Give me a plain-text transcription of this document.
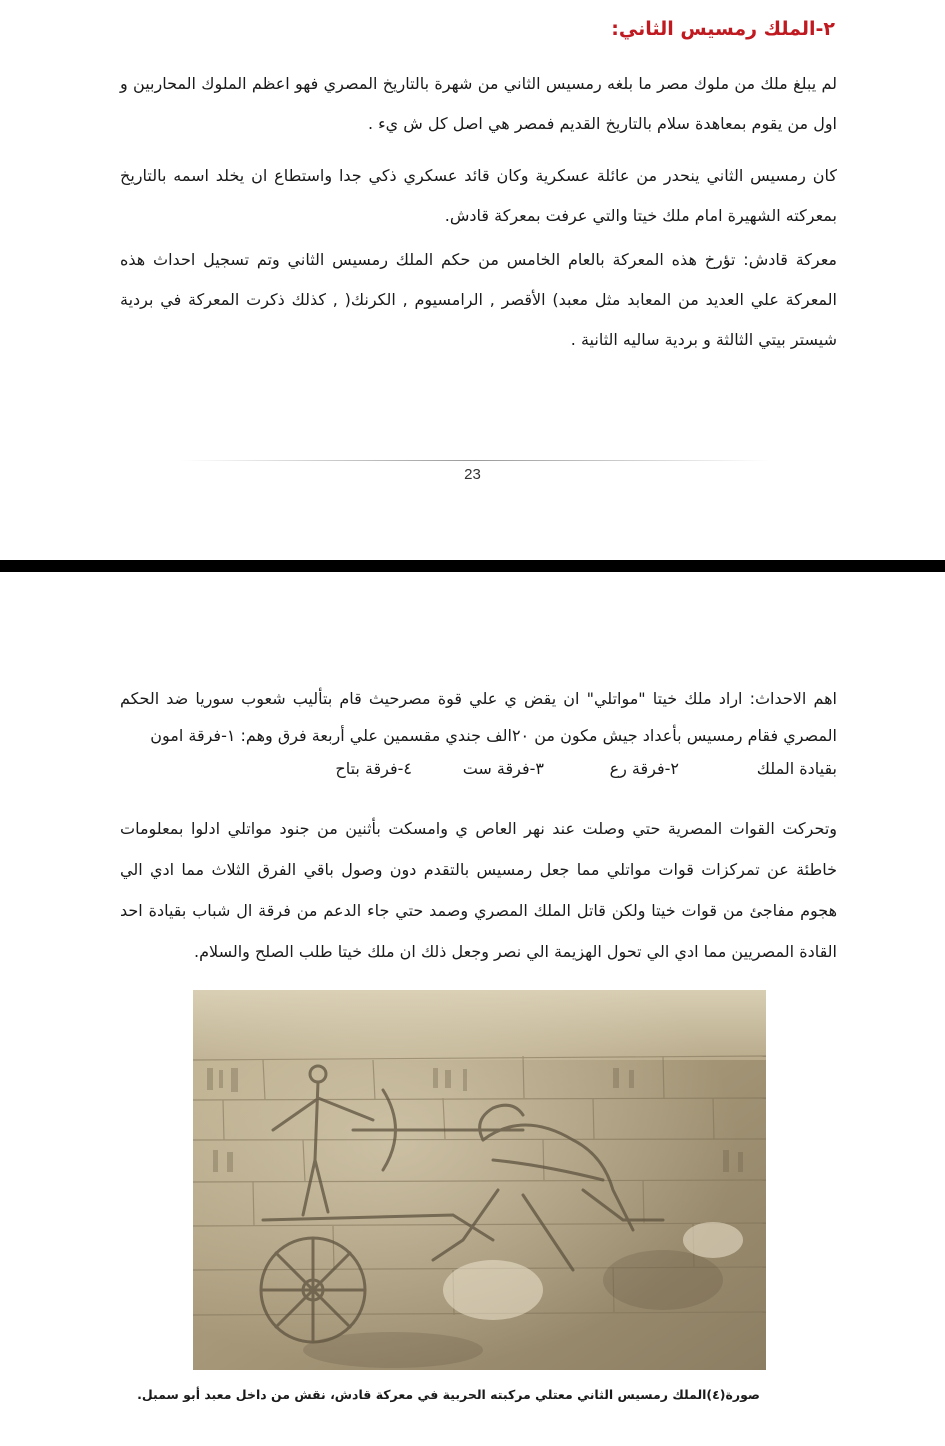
٢-الملك رمسيس الثاني:

لم يبلغ ملك من ملوك مصر ما بلغه رمسيس الثاني من شهرة بالتاريخ المصري فهو اعظم الملوك المحاربين و اول من يقوم بمعاهدة سلام بالتاريخ القديم فمصر هي اصل كل ش يء .

كان رمسيس الثاني ينحدر من عائلة عسكرية وكان قائد عسكري ذكي جدا واستطاع ان يخلد اسمه بالتاريخ بمعركته الشهيرة امام ملك خيتا والتي عرفت بمعركة قادش.

معركة قادش: تؤرخ هذه المعركة بالعام الخامس من حكم الملك رمسيس الثاني وتم تسجيل احداث هذه المعركة علي العديد من المعابد مثل معبد) الأقصر , الرامسيوم , الكرنك( , كذلك ذكرت المعركة في بردية شيستر بيتي الثالثة و بردية ساليه الثانية .

23

اهم الاحداث: اراد ملك خيتا "مواتلي" ان يقض ي علي قوة مصرحيث قام بتأليب شعوب سوريا ضد الحكم المصري فقام رمسيس بأعداد جيش مكون من ٢٠الف جندي مقسمين علي أربعة فرق وهم: ١-فرقة امون

بقيادة الملك
٢-فرقة رع
٣-فرقة ست
٤-فرقة بتاح

وتحركت القوات المصرية حتي وصلت عند نهر العاص ي وامسكت بأثنين من جنود مواتلي ادلوا بمعلومات خاطئة عن تمركزات قوات مواتلي مما جعل رمسيس بالتقدم دون وصول باقي الفرق الثلاث مما ادي الي هجوم مفاجئ من قوات خيتا ولكن قاتل الملك المصري وصمد حتي جاء الدعم من فرقة ال شباب بقيادة احد القادة المصريين مما ادي الي تحول الهزيمة الي نصر وجعل ذلك ان ملك خيتا طلب الصلح والسلام.

صورة(٤)الملك رمسيس الثاني معتلي مركبته الحربية في معركة قادش، نقش من داخل معبد أبو سمبل.
